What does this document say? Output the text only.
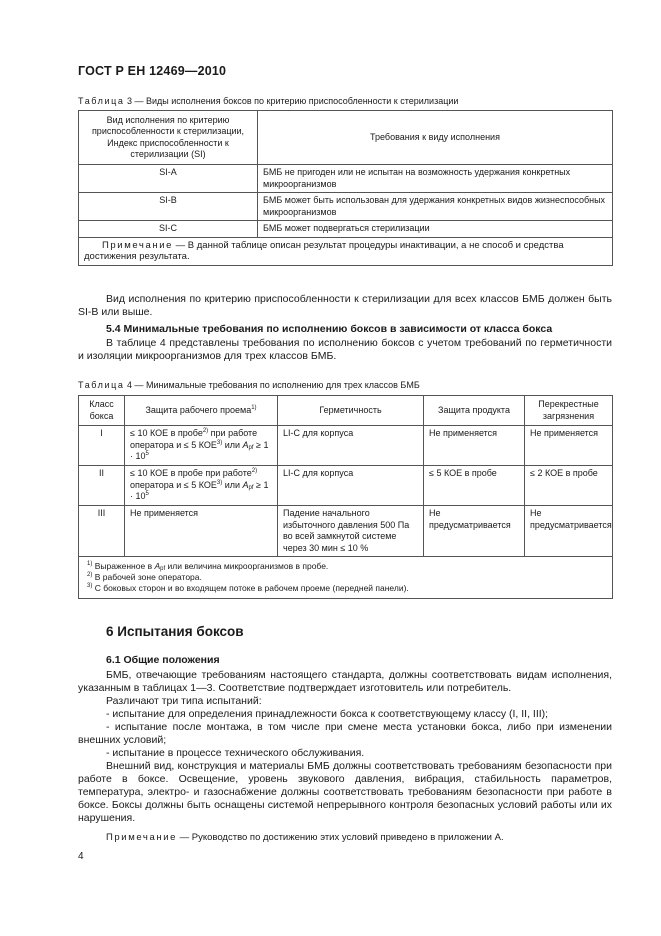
ГОСТ Р ЕН 12469—2010
Таблица 3 — Виды исполнения боксов по критерию приспособленности к стерилизации
Вид исполнения по критерию приспособленности к стерилизации, Индекс приспособленности к стерилизации (SI)	Требования к виду исполнения
SI-A	БМБ не пригоден или не испытан на возможность удержания конкретных микроорганизмов
SI-B	БМБ может быть использован для удержания конкретных видов жизнеспособных микроорганизмов
SI-C	БМБ может подвергаться стерилизации
Примечание — В данной таблице описан результат процедуры инактивации, а не способ и средства достижения результата.	
Вид исполнения по критерию приспособленности к стерилизации для всех классов БМБ должен быть SI-B или выше.
5.4 Минимальные требования по исполнению боксов в зависимости от класса бокса
В таблице 4 представлены требования по исполнению боксов с учетом требований по герметичности и изоляции микроорганизмов для трех классов БМБ.
Таблица 4 — Минимальные требования по исполнению для трех классов БМБ
Класс бокса	Защита рабочего проема$^{1)}$	Герметичность	Защита продукта	Перекрестные загрязнения
I	≤ 10 КОЕ в пробе$^{2)}$ при работе оператора и ≤ 5 КОЕ$^{3)}$ или $A_{pf} \ge 1 \cdot 10^5$	LI-C для корпуса	Не применяется	Не применяется
II	≤ 10 КОЕ в пробе при работе$^{2)}$ оператора и ≤ 5 КОЕ$^{3)}$ или $A_{pf} \ge 1 \cdot 10^5$	LI-C для корпуса	≤ 5 КОЕ в пробе	≤ 2 КОЕ в пробе
III	Не применяется	Падение начального избыточного давления 500 Па во всей замкнутой системе через 30 мин ≤ 10 %	Не предусматривается	Не предусматривается

$^{1)}$ Выраженное в $A_{pf}$ или величина микроорганизмов в пробе.
$^{2)}$ В рабочей зоне оператора.
$^{3)}$ С боковых сторон и во входящем потоке в рабочем проеме (передней панели).				
6 Испытания боксов
6.1 Общие положения

БМБ, отвечающие требованиям настоящего стандарта, должны соответствовать видам исполнения, указанным в таблицах 1—3. Соответствие подтверждает изготовитель или потребитель.

Различают три типа испытаний:

- испытание для определения принадлежности бокса к соответствующему классу (I, II, III);

- испытание после монтажа, в том числе при смене места установки бокса, либо при изменении внешних условий;

- испытание в процессе технического обслуживания.

Внешний вид, конструкция и материалы БМБ должны соответствовать требованиям безопасности при работе в боксе. Освещение, уровень звукового давления, вибрация, стабильность параметров, температура, электро- и газоснабжение должны соответствовать требованиям безопасности при работе в боксе. Боксы должны быть оснащены системой непрерывного контроля безопасных условий работы или их нарушения.

Примечание — Руководство по достижению этих условий приведено в приложении А.

4
